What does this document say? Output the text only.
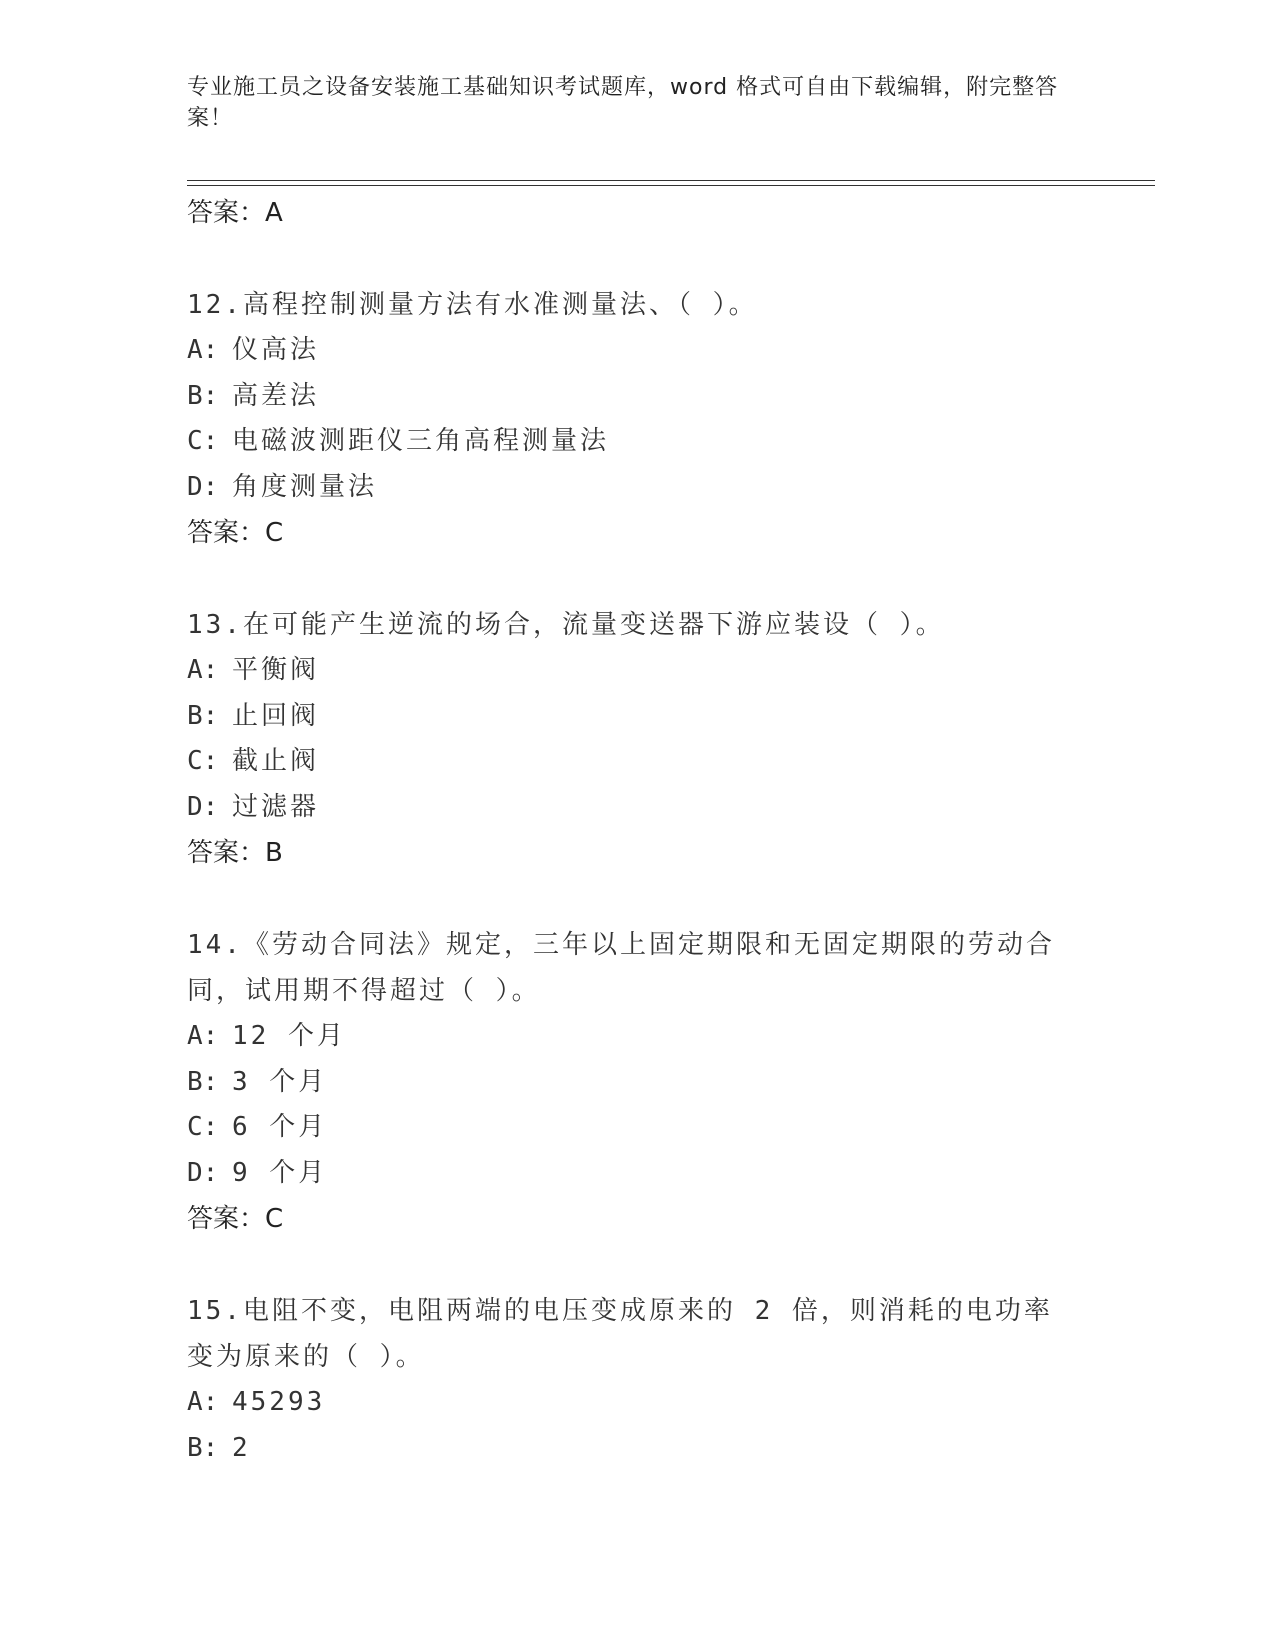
专业施工员之设备安装施工基础知识考试题库，word 格式可自由下载编辑，附完整答案！

答案：A

12.高程控制测量方法有水准测量法、（ ）。

A: 仪高法

B: 高差法

C: 电磁波测距仪三角高程测量法

D: 角度测量法

答案：C

13.在可能产生逆流的场合，流量变送器下游应装设（ ）。

A: 平衡阀

B: 止回阀

C: 截止阀

D: 过滤器

答案：B

14.《劳动合同法》规定，三年以上固定期限和无固定期限的劳动合同，试用期不得超过（ ）。

A: 12 个月

B: 3 个月

C: 6 个月

D: 9 个月

答案：C

15.电阻不变，电阻两端的电压变成原来的 2 倍，则消耗的电功率变为原来的（ ）。

A: 45293

B: 2
